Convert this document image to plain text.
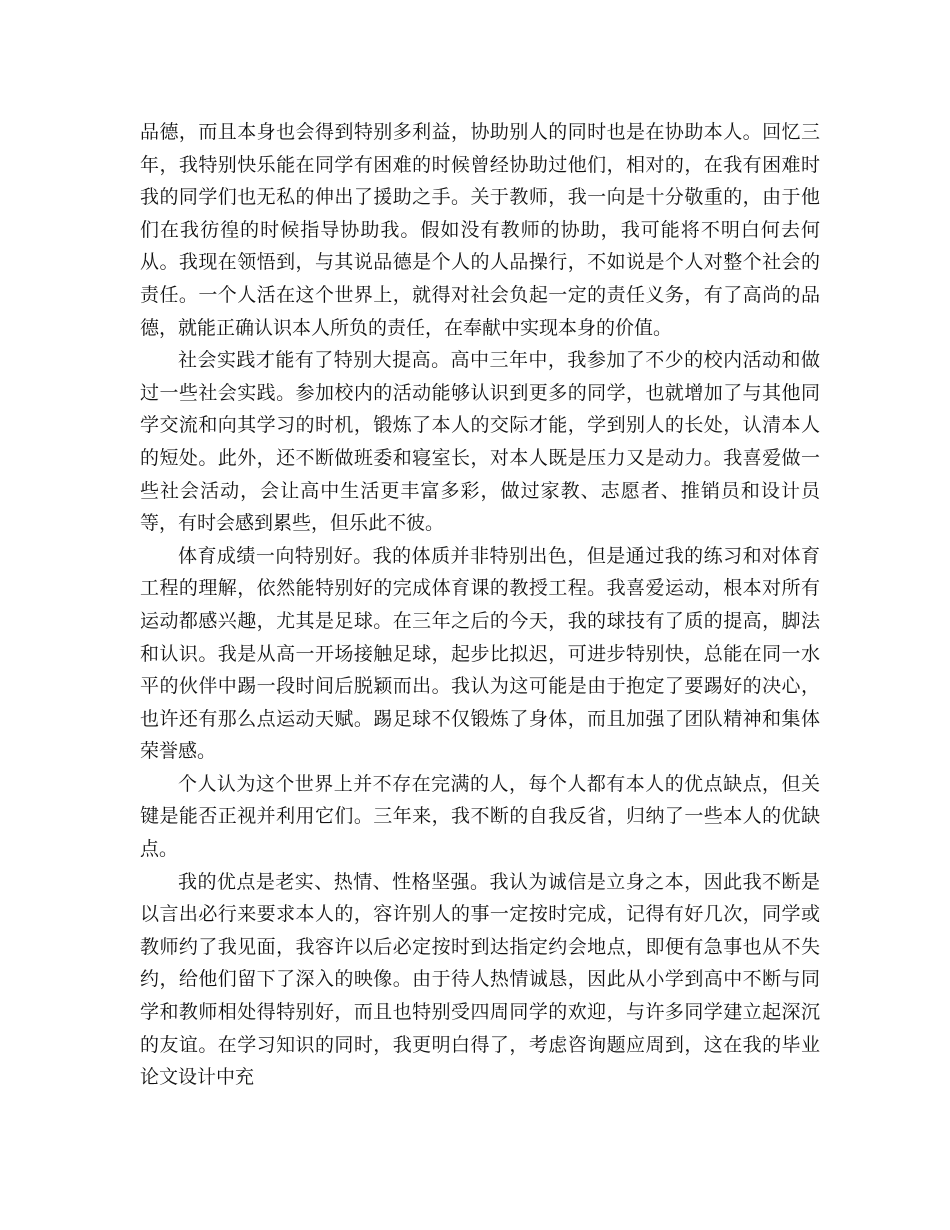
品德，而且本身也会得到特别多利益，协助别人的同时也是在协助本人。回忆三年，我特别快乐能在同学有困难的时候曾经协助过他们，相对的，在我有困难时我的同学们也无私的伸出了援助之手。关于教师，我一向是十分敬重的，由于他们在我彷徨的时候指导协助我。假如没有教师的协助，我可能将不明白何去何从。我现在领悟到，与其说品德是个人的人品操行，不如说是个人对整个社会的责任。一个人活在这个世界上，就得对社会负起一定的责任义务，有了高尚的品德，就能正确认识本人所负的责任，在奉献中实现本身的价值。

社会实践才能有了特别大提高。高中三年中，我参加了不少的校内活动和做过一些社会实践。参加校内的活动能够认识到更多的同学，也就增加了与其他同学交流和向其学习的时机，锻炼了本人的交际才能，学到别人的长处，认清本人的短处。此外，还不断做班委和寝室长，对本人既是压力又是动力。我喜爱做一些社会活动，会让高中生活更丰富多彩，做过家教、志愿者、推销员和设计员等，有时会感到累些，但乐此不彼。

体育成绩一向特别好。我的体质并非特别出色，但是通过我的练习和对体育工程的理解，依然能特别好的完成体育课的教授工程。我喜爱运动，根本对所有运动都感兴趣，尤其是足球。在三年之后的今天，我的球技有了质的提高，脚法和认识。我是从高一开场接触足球，起步比拟迟，可进步特别快，总能在同一水平的伙伴中踢一段时间后脱颖而出。我认为这可能是由于抱定了要踢好的决心，也许还有那么点运动天赋。踢足球不仅锻炼了身体，而且加强了团队精神和集体荣誉感。

个人认为这个世界上并不存在完满的人，每个人都有本人的优点缺点，但关键是能否正视并利用它们。三年来，我不断的自我反省，归纳了一些本人的优缺点。

我的优点是老实、热情、性格坚强。我认为诚信是立身之本，因此我不断是以言出必行来要求本人的，容许别人的事一定按时完成，记得有好几次，同学或教师约了我见面，我容许以后必定按时到达指定约会地点，即便有急事也从不失约，给他们留下了深入的映像。由于待人热情诚恳，因此从小学到高中不断与同学和教师相处得特别好，而且也特别受四周同学的欢迎，与许多同学建立起深沉的友谊。在学习知识的同时，我更明白得了，考虑咨询题应周到，这在我的毕业论文设计中充
